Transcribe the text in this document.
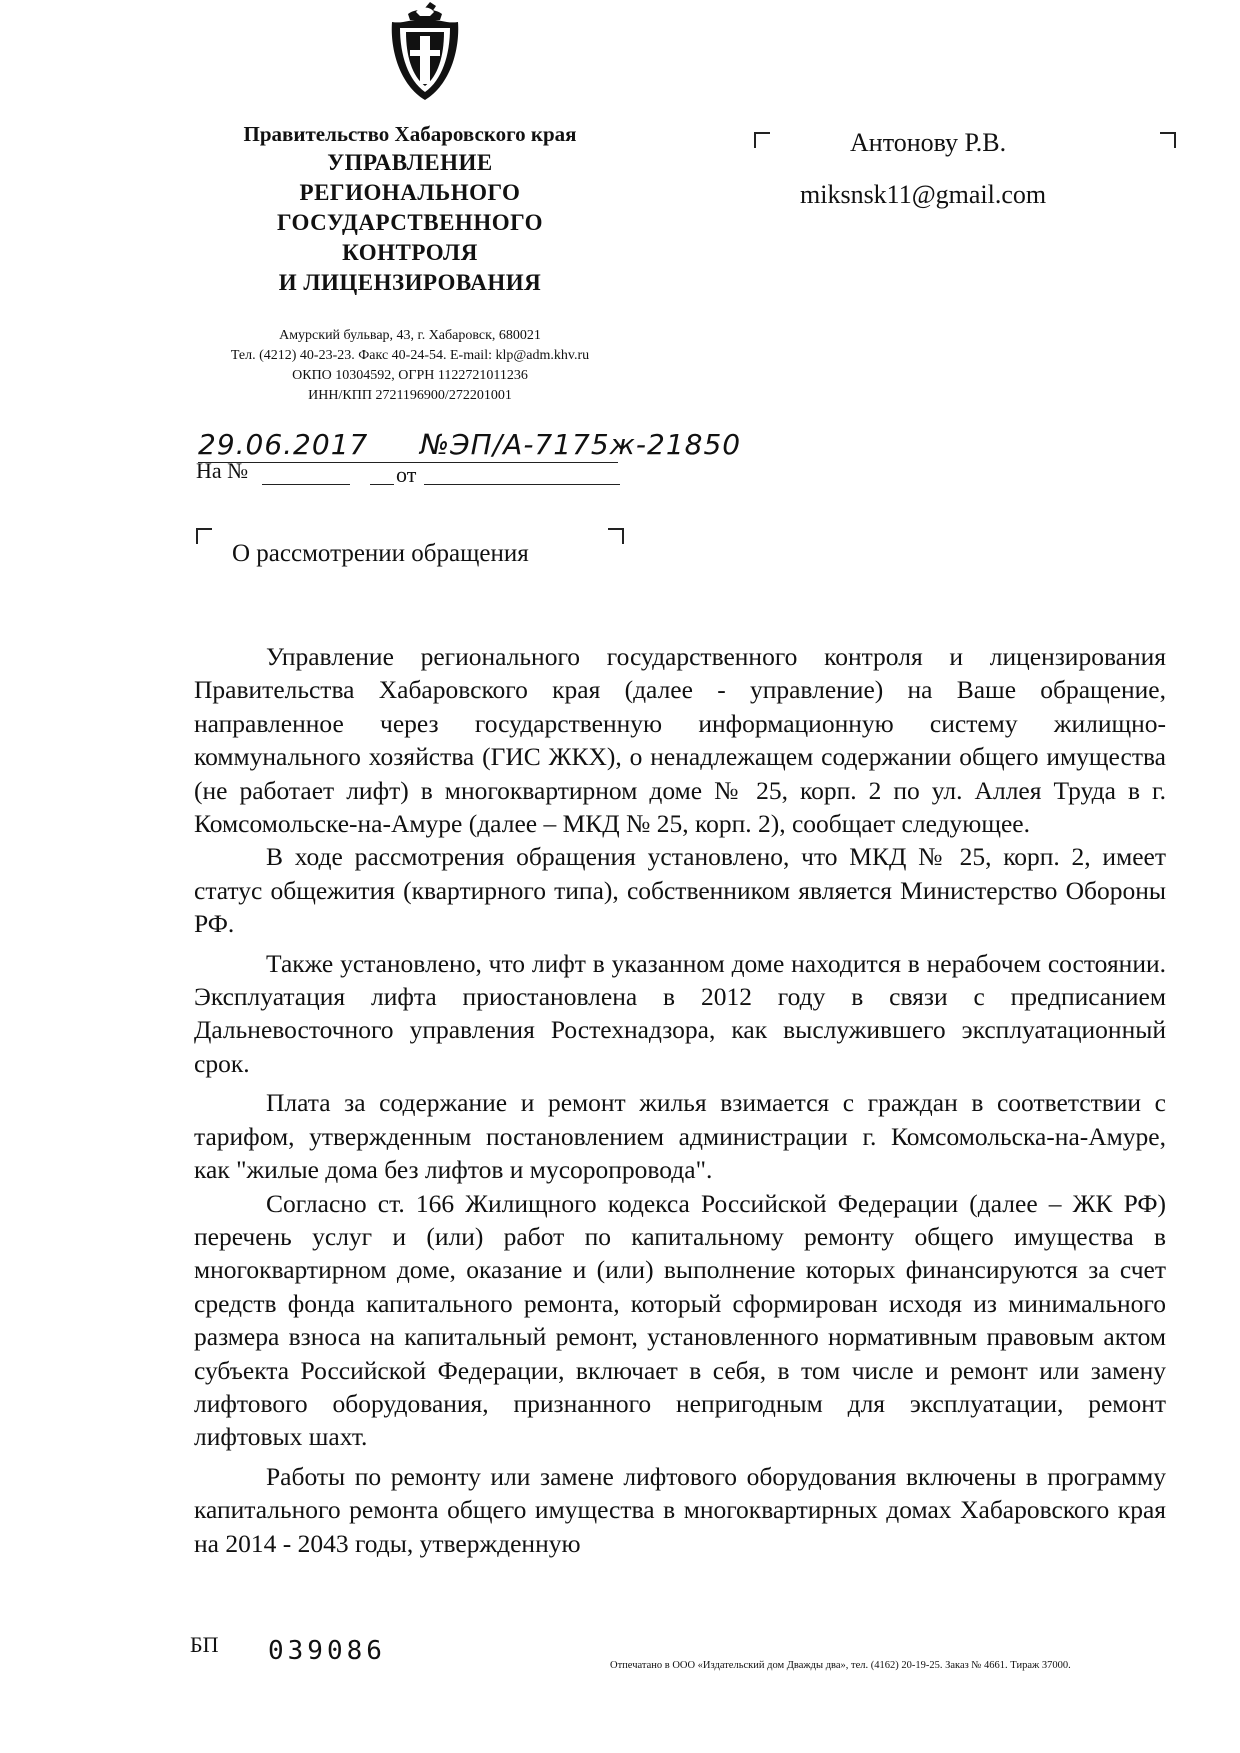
Правительство Хабаровского края
УПРАВЛЕНИЕ
РЕГИОНАЛЬНОГО
ГОСУДАРСТВЕННОГО
КОНТРОЛЯ
И ЛИЦЕНЗИРОВАНИЯ
Амурский бульвар, 43, г. Хабаровск, 680021
Тел. (4212) 40-23-23. Факс 40-24-54. E-mail: klp@adm.khv.ru
ОКПО 10304592, ОГРН 1122721011236
ИНН/КПП 2721196900/272201001
Антонову Р.В.
miksnsk11@gmail.com
29.06.2017 №ЭП/А-7175ж-21850
На №	от
О рассмотрении обращения

Управление регионального государственного контроля и лицензирования Правительства Хабаровского края (далее - управление) на Ваше обращение, направленное через государственную информационную систему жилищно-коммунального хозяйства (ГИС ЖКХ), о ненадлежащем содержании общего имущества (не работает лифт) в многоквартирном доме № 25, корп. 2 по ул. Аллея Труда в г. Комсомольске-на-Амуре (далее – МКД № 25, корп. 2), сообщает следующее.

В ходе рассмотрения обращения установлено, что МКД № 25, корп. 2, имеет статус общежития (квартирного типа), собственником является Министерство Обороны РФ.

Также установлено, что лифт в указанном доме находится в нерабочем состоянии. Эксплуатация лифта приостановлена в 2012 году в связи с предписанием Дальневосточного управления Ростехнадзора, как выслужившего эксплуатационный срок.

Плата за содержание и ремонт жилья взимается с граждан в соответствии с тарифом, утвержденным постановлением администрации г. Комсомольска-на-Амуре, как "жилые дома без лифтов и мусоропровода".

Согласно ст. 166 Жилищного кодекса Российской Федерации (далее – ЖК РФ) перечень услуг и (или) работ по капитальному ремонту общего имущества в многоквартирном доме, оказание и (или) выполнение которых финансируются за счет средств фонда капитального ремонта, который сформирован исходя из минимального размера взноса на капитальный ремонт, установленного нормативным правовым актом субъекта Российской Федерации, включает в себя, в том числе и ремонт или замену лифтового оборудования, признанного непригодным для эксплуатации, ремонт лифтовых шахт.

Работы по ремонту или замене лифтового оборудования включены в программу капитального ремонта общего имущества в многоквартирных домах Хабаровского края на 2014 - 2043 годы, утвержденную

БП 039086	Отпечатано в ООО «Издательский дом Дважды два», тел. (4162) 20-19-25. Заказ № 4661. Тираж 37000.
